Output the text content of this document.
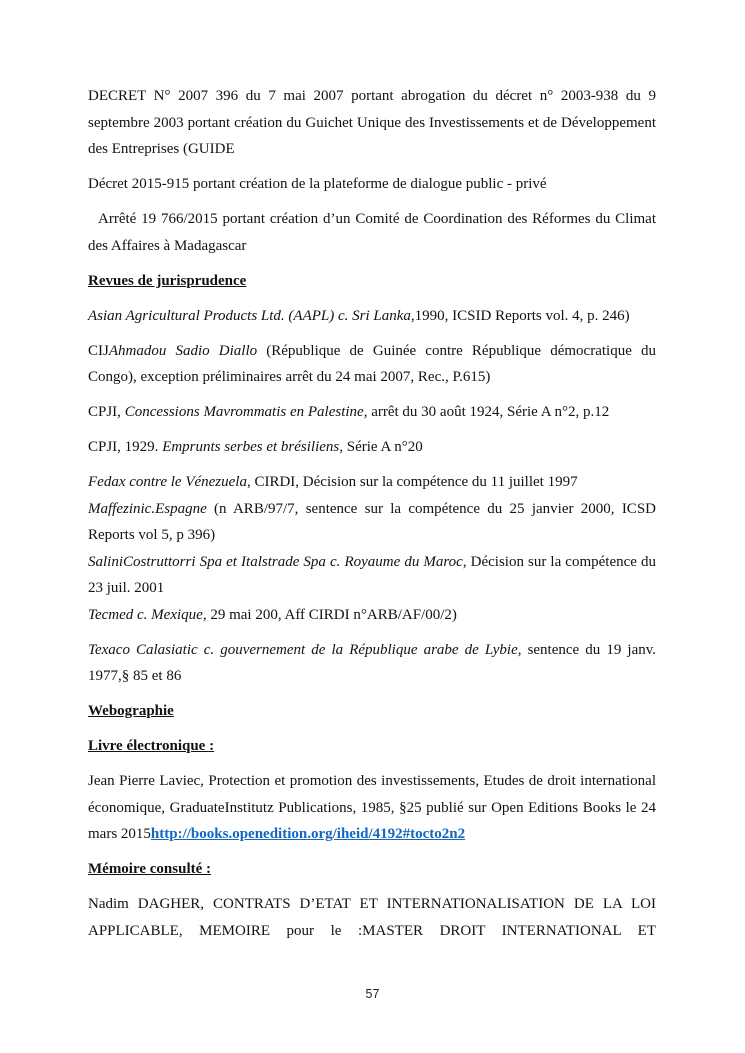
DECRET N° 2007 396 du 7 mai 2007 portant abrogation du décret n° 2003-938 du 9 septembre 2003 portant création du Guichet Unique des Investissements et de Développement des Entreprises (GUIDE

Décret 2015-915 portant création de la plateforme de dialogue public - privé

Arrêté 19 766/2015 portant création d’un Comité de Coordination des Réformes du Climat des Affaires à Madagascar

Revues de jurisprudence

Asian Agricultural Products Ltd. (AAPL) c. Sri Lanka,1990, ICSID Reports vol. 4, p. 246)

CIJAhmadou Sadio Diallo (République de Guinée contre République démocratique du Congo), exception préliminaires arrêt du 24 mai 2007, Rec., P.615)

CPJI, Concessions Mavrommatis en Palestine, arrêt du 30 août 1924, Série A n°2, p.12

CPJI, 1929. Emprunts serbes et brésiliens, Série A n°20

Fedax contre le Vénezuela, CIRDI, Décision sur la compétence du 11 juillet 1997

Maffezinic.Espagne (n ARB/97/7, sentence sur la compétence du 25 janvier 2000, ICSD Reports vol 5, p 396)

SaliniCostruttorri Spa et Italstrade Spa c. Royaume du Maroc, Décision sur la compétence du 23 juil. 2001

Tecmed c. Mexique, 29 mai 200, Aff CIRDI n°ARB/AF/00/2)

Texaco Calasiatic c. gouvernement de la République arabe de Lybie, sentence du 19 janv. 1977,§ 85 et 86

Webographie

Livre électronique :

Jean Pierre Laviec, Protection et promotion des investissements, Etudes de droit international économique, GraduateInstitutz Publications, 1985, §25 publié sur Open Editions Books le 24 mars 2015http://books.openedition.org/iheid/4192#tocto2n2

Mémoire consulté :

Nadim DAGHER, CONTRATS D’ETAT ET INTERNATIONALISATION DE LA LOI APPLICABLE, MEMOIRE pour le :MASTER DROIT INTERNATIONAL ET

57
